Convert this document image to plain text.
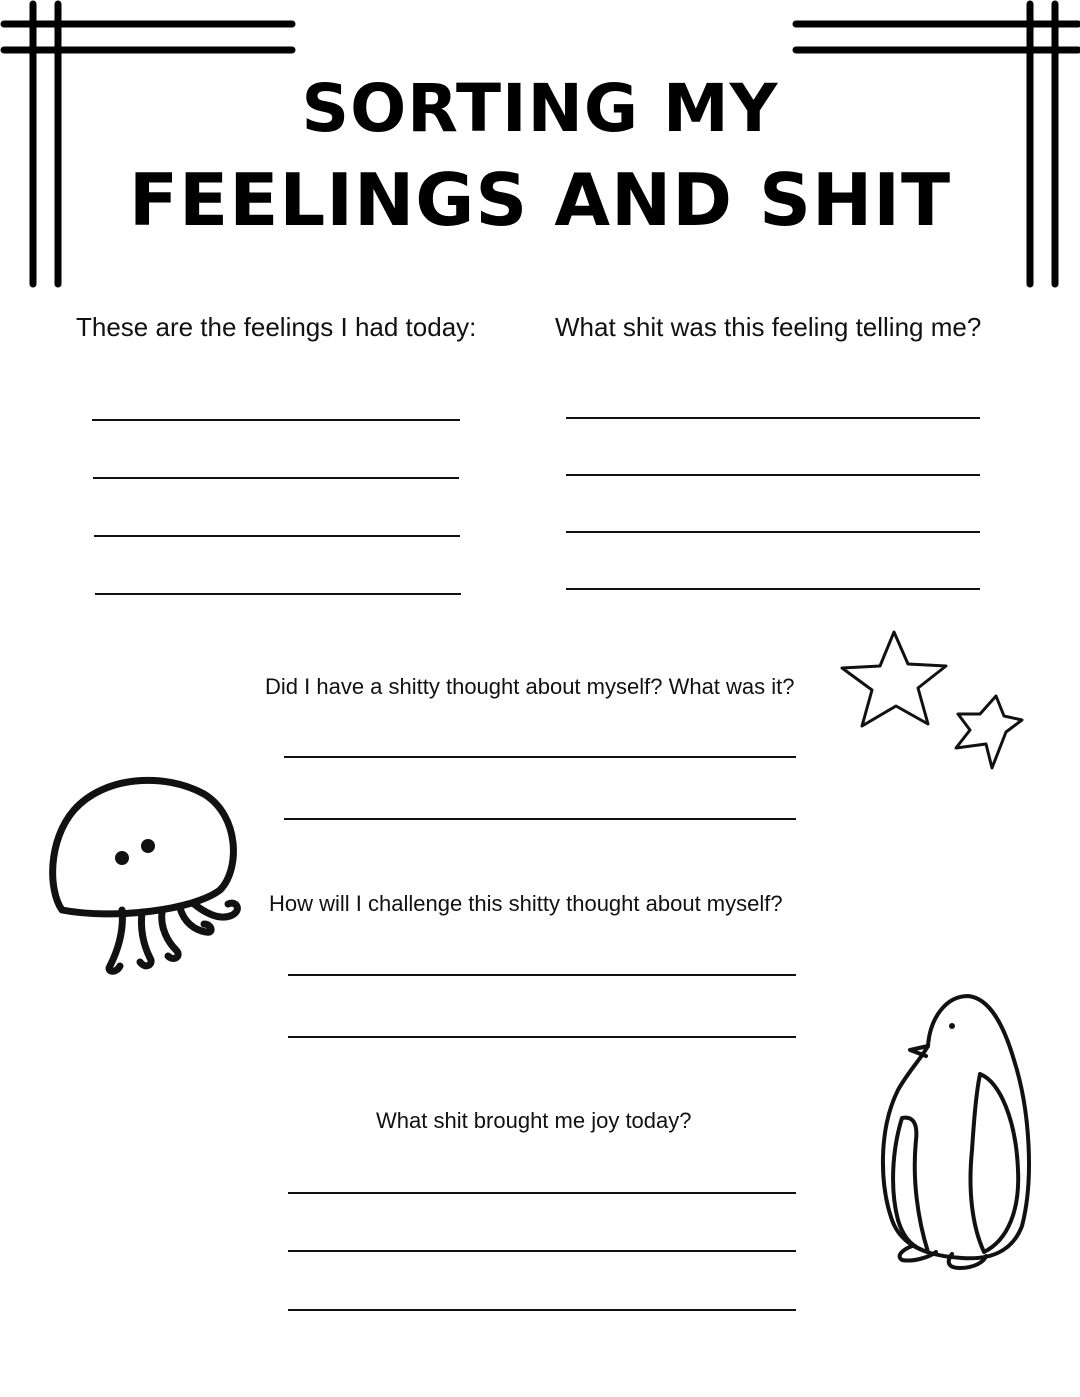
SORTING MY
FEELINGS AND SHIT
These are the feelings I had today:	What shit was this feeling telling me?
Did I have a shitty thought about myself? What was it?
How will I challenge this shitty thought about myself?
What shit brought me joy today?
